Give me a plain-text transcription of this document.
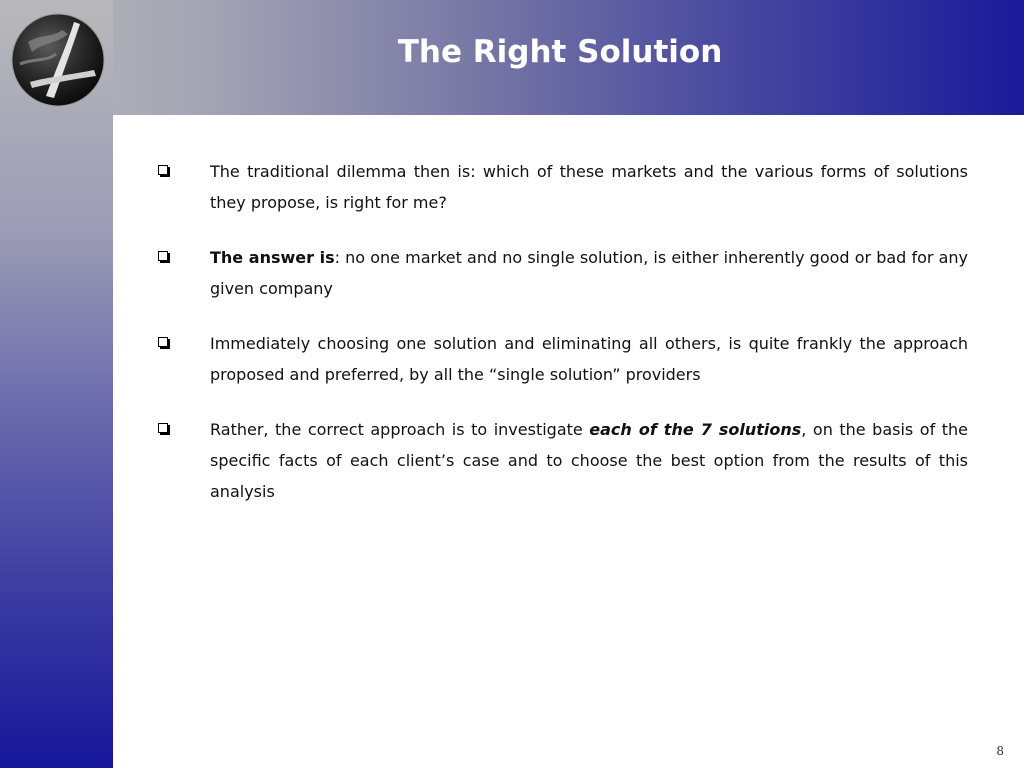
The Right Solution
The traditional dilemma then is: which of these markets and the various forms of solutions they propose, is right for me?
The answer is: no one market and no single solution, is either inherently good or bad for any given company
Immediately choosing one solution and eliminating all others, is quite frankly the approach proposed and preferred, by all the “single solution” providers
Rather, the correct approach is to investigate each of the 7 solutions, on the basis of the specific facts of each client’s case and to choose the best option from the results of this analysis
8
